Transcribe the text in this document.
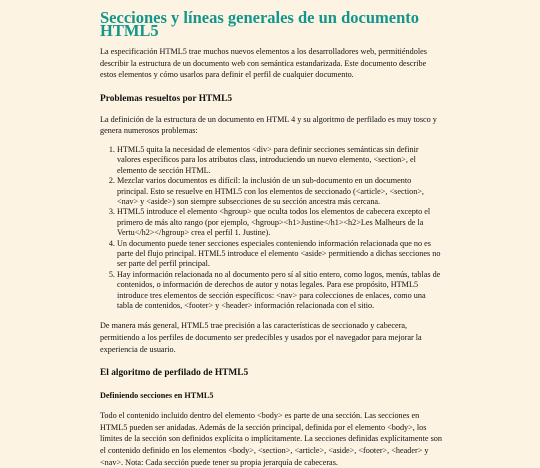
Secciones y líneas generales de un documento HTML5

La especificación HTML5 trae muchos nuevos elementos a los desarrolladores web, permitiéndoles describir la estructura de un documento web con semántica estandarizada. Este documento describe estos elementos y cómo usarlos para definir el perfil de cualquier documento.

Problemas resueltos por HTML5

La definición de la estructura de un documento en HTML 4 y su algoritmo de perfilado es muy tosco y genera numerosos problemas:

1. HTML5 quita la necesidad de elementos <div> para definir secciones semánticas sin definir valores específicos para los atributos class, introduciendo un nuevo elemento, <section>, el elemento de sección HTML.
2. Mezclar varios documentos es difícil: la inclusión de un sub-documento en un documento principal. Esto se resuelve en HTML5 con los elementos de seccionado (<article>, <section>, <nav> y <aside>) son siempre subsecciones de su sección ancestra más cercana.
3. HTML5 introduce el elemento <hgroup> que oculta todos los elementos de cabecera excepto el primero de más alto rango (por ejemplo, <hgroup><h1>Justine</h1><h2>Les Malheurs de la Vertu</h2></hgroup> crea el perfil 1. Justine).
4. Un documento puede tener secciones especiales conteniendo información relacionada que no es parte del flujo principal. HTML5 introduce el elemento <aside> permitiendo a dichas secciones no ser parte del perfil principal.
5. Hay información relacionada no al documento pero sí al sitio entero, como logos, menús, tablas de contenidos, o información de derechos de autor y notas legales. Para ese propósito, HTML5 introduce tres elementos de sección específicos: <nav> para colecciones de enlaces, como una tabla de contenidos, <footer> y <header> información relacionada con el sitio.

De manera más general, HTML5 trae precisión a las características de seccionado y cabecera, permitiendo a los perfiles de documento ser predecibles y usados por el navegador para mejorar la experiencia de usuario.

El algoritmo de perfilado de HTML5
Definiendo secciones en HTML5

Todo el contenido incluido dentro del elemento <body> es parte de una sección. Las secciones en HTML5 pueden ser anidadas. Además de la sección principal, definida por el elemento <body>, los límites de la sección son definidos explícita o implícitamente. La secciones definidas explícitamente son el contenido definido en los elementos <body>, <section>, <article>, <aside>, <footer>, <header> y <nav>. Nota: Cada sección puede tener su propia jerarquía de cabeceras.
